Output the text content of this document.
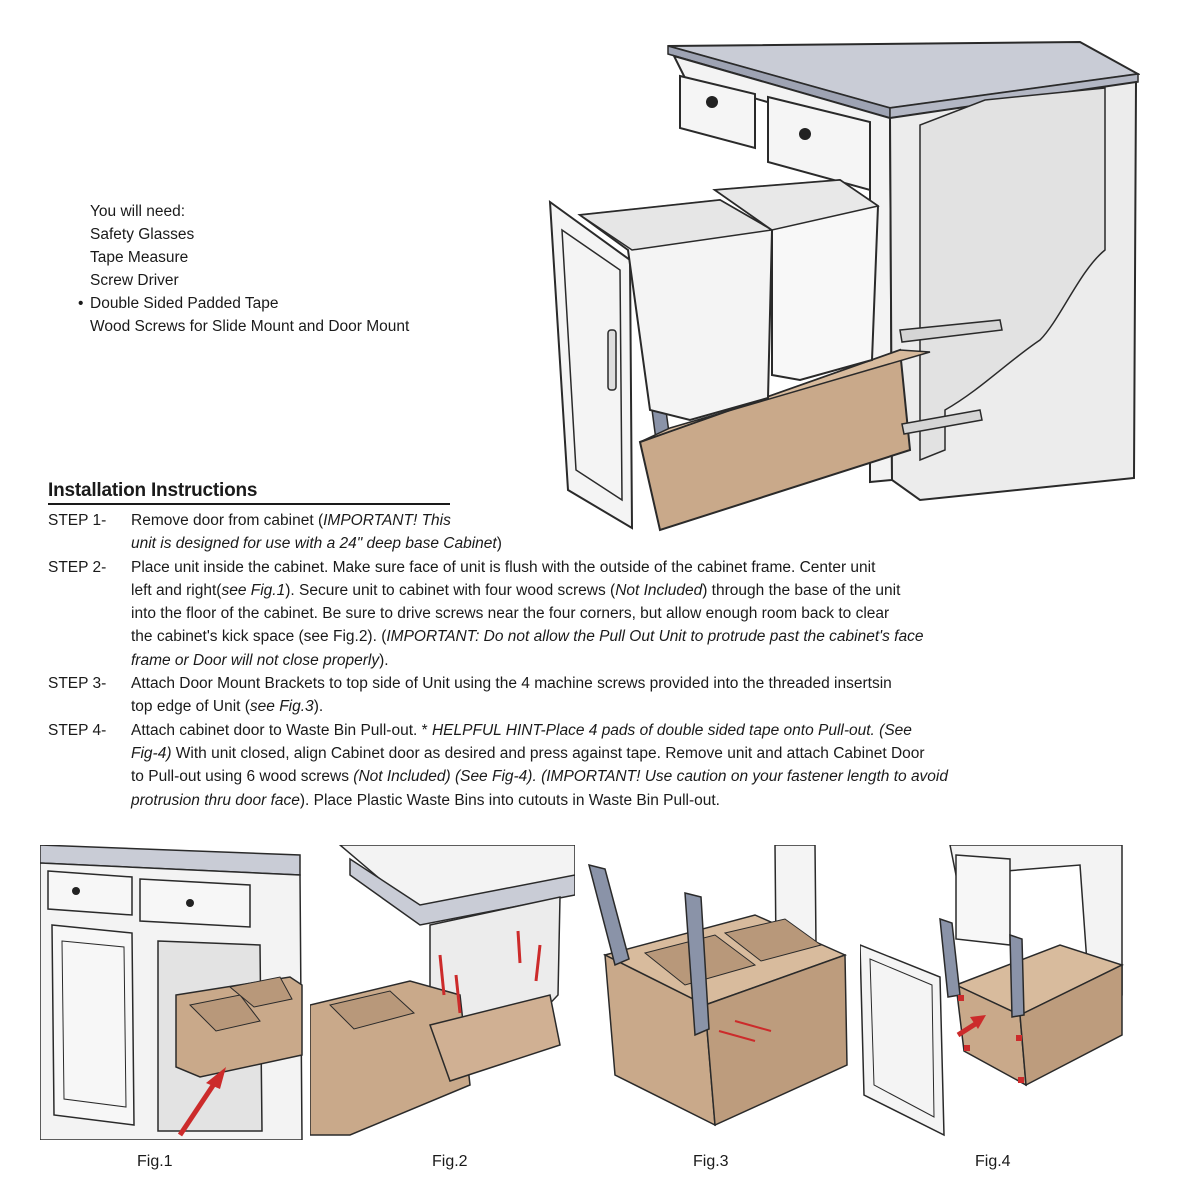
You will need:

Safety Glasses
Tape Measure
Screw Driver
• Double Sided Padded Tape
Wood Screws for Slide Mount and Door Mount
Installation Instructions
STEP 1-	Remove door from cabinet (IMPORTANT! This

unit is designed for use with a 24" deep base Cabinet)

STEP 2-	Place unit inside the cabinet. Make sure face of unit is flush with the outside of the cabinet frame. Center unit

left and right(see Fig.1). Secure unit to cabinet with four wood screws (Not Included) through the base of the unit

into the floor of the cabinet. Be sure to drive screws near the four corners, but allow enough room back to clear

the cabinet's kick space (see Fig.2). (IMPORTANT: Do not allow the Pull Out Unit to protrude past the cabinet's face

frame or Door will not close properly).

STEP 3-	Attach Door Mount Brackets to top side of Unit using the 4 machine screws provided into the threaded insertsin

top edge of Unit (see Fig.3).

STEP 4-	Attach cabinet door to Waste Bin Pull-out. * HELPFUL HINT-Place 4 pads of double sided tape onto Pull-out. (See

Fig-4) With unit closed, align Cabinet door as desired and press against tape. Remove unit and attach Cabinet Door

to Pull-out using 6 wood screws (Not Included) (See Fig-4). (IMPORTANT! Use caution on your fastener length to avoid

protrusion thru door face). Place Plastic Waste Bins into cutouts in Waste Bin Pull-out.

Fig.1	Fig.2	Fig.3	Fig.4
